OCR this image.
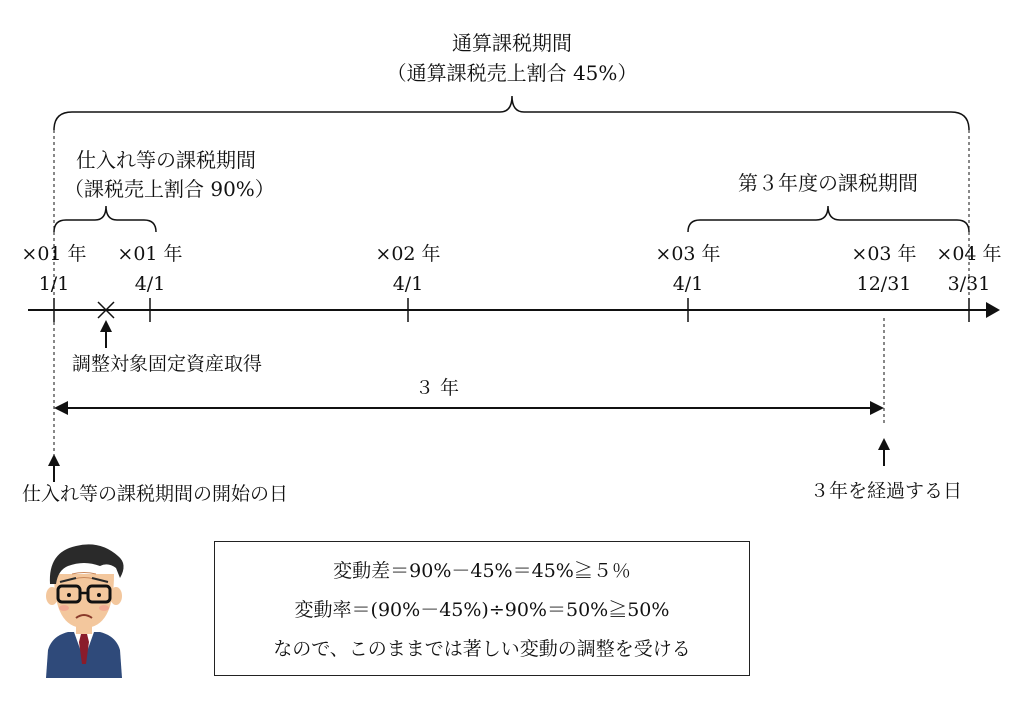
通算課税期間
（通算課税売上割合 45%）
仕入れ等の課税期間
（課税売上割合 90%）	第３年度の課税期間
×01 年
1/1
×01 年
4/1
×02 年
4/1
×03 年
4/1
×03 年
12/31
×04 年
3/31
調整対象固定資産取得
３ 年
仕入れ等の課税期間の開始の日	３年を経過する日
変動差＝90%－45%＝45%≧５％
変動率＝(90%－45%)÷90%＝50%≧50%
なので、このままでは著しい変動の調整を受ける
